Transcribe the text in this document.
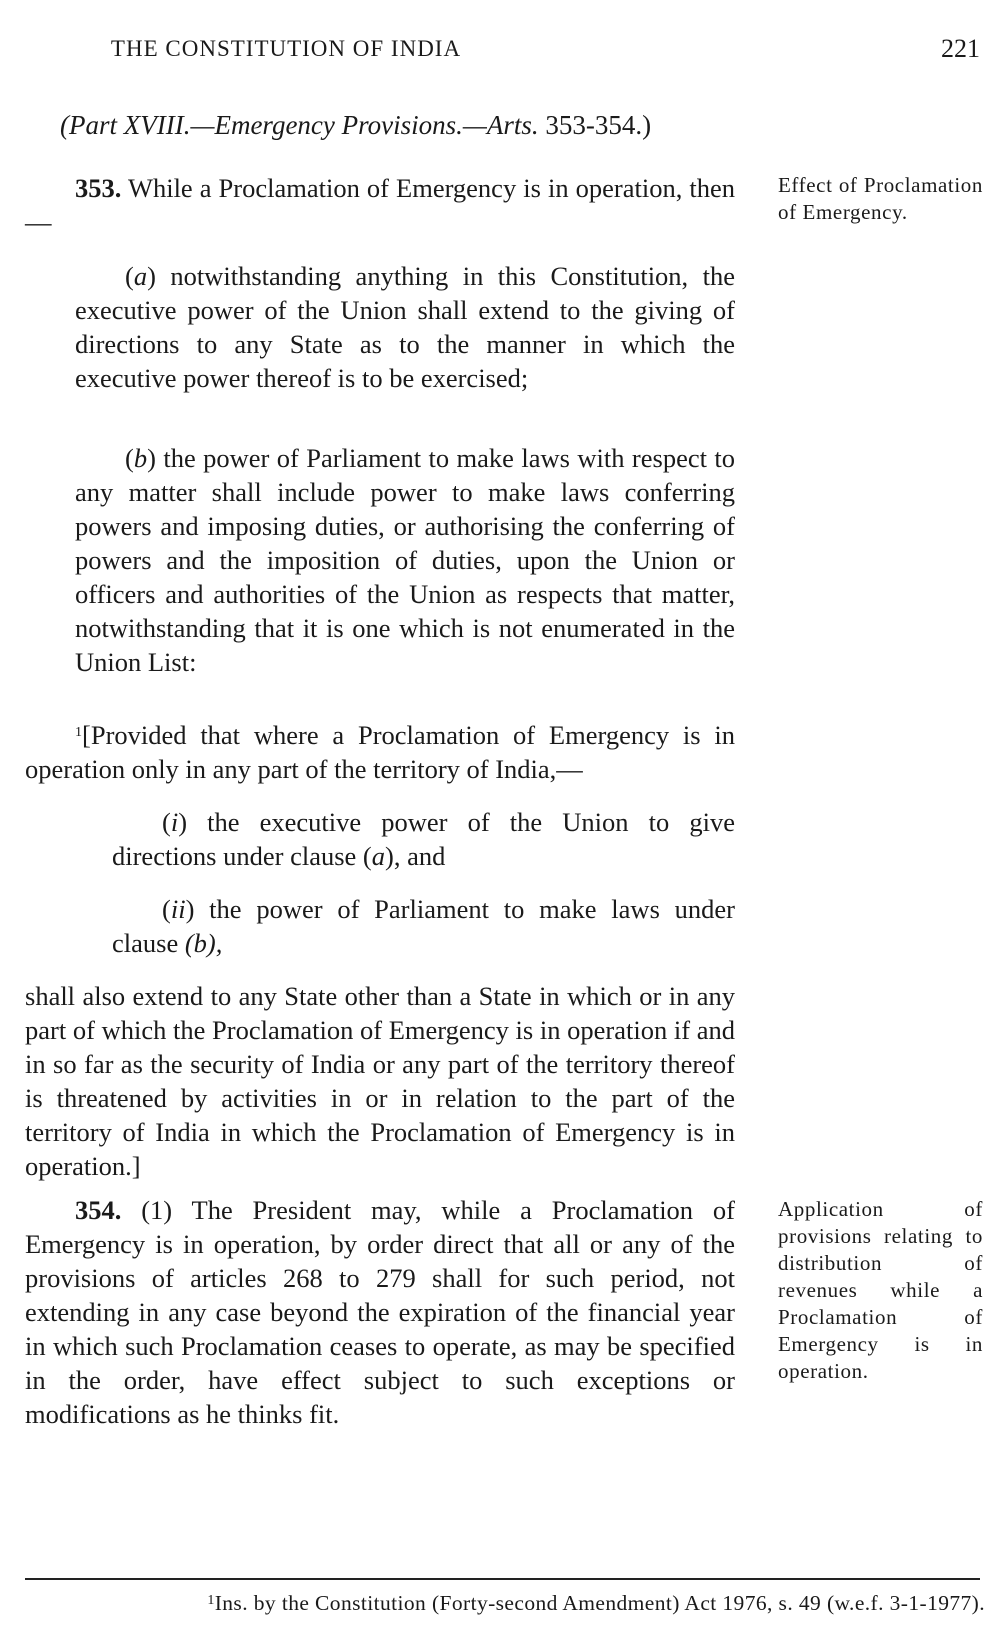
THE CONSTITUTION OF INDIA	221
(Part XVIII.—Emergency Provisions.—Arts. 353-354.)

353. While a Proclamation of Emergency is in operation, then—

Effect of Proclamation of Emergency.

(a) notwithstanding anything in this Constitution, the executive power of the Union shall extend to the giving of directions to any State as to the manner in which the executive power thereof is to be exercised;

(b) the power of Parliament to make laws with respect to any matter shall include power to make laws conferring powers and imposing duties, or authorising the conferring of powers and the imposition of duties, upon the Union or officers and authorities of the Union as respects that matter, notwithstanding that it is one which is not enumerated in the Union List:

$^1$[Provided that where a Proclamation of Emergency is in operation only in any part of the territory of India,—

(i) the executive power of the Union to give directions under clause (a), and

(ii) the power of Parliament to make laws under clause (b),

shall also extend to any State other than a State in which or in any part of which the Proclamation of Emergency is in operation if and in so far as the security of India or any part of the territory thereof is threatened by activities in or in relation to the part of the territory of India in which the Proclamation of Emergency is in operation.]

354. (1) The President may, while a Proclamation of Emergency is in operation, by order direct that all or any of the provisions of articles 268 to 279 shall for such period, not extending in any case beyond the expiration of the financial year in which such Proclamation ceases to operate, as may be specified in the order, have effect subject to such exceptions or modifications as he thinks fit.

Application of provisions relating to distribution of revenues while a Proclamation of Emergency is in operation.
$^1$Ins. by the Constitution (Forty-second Amendment) Act 1976, s. 49 (w.e.f. 3-1-1977).
